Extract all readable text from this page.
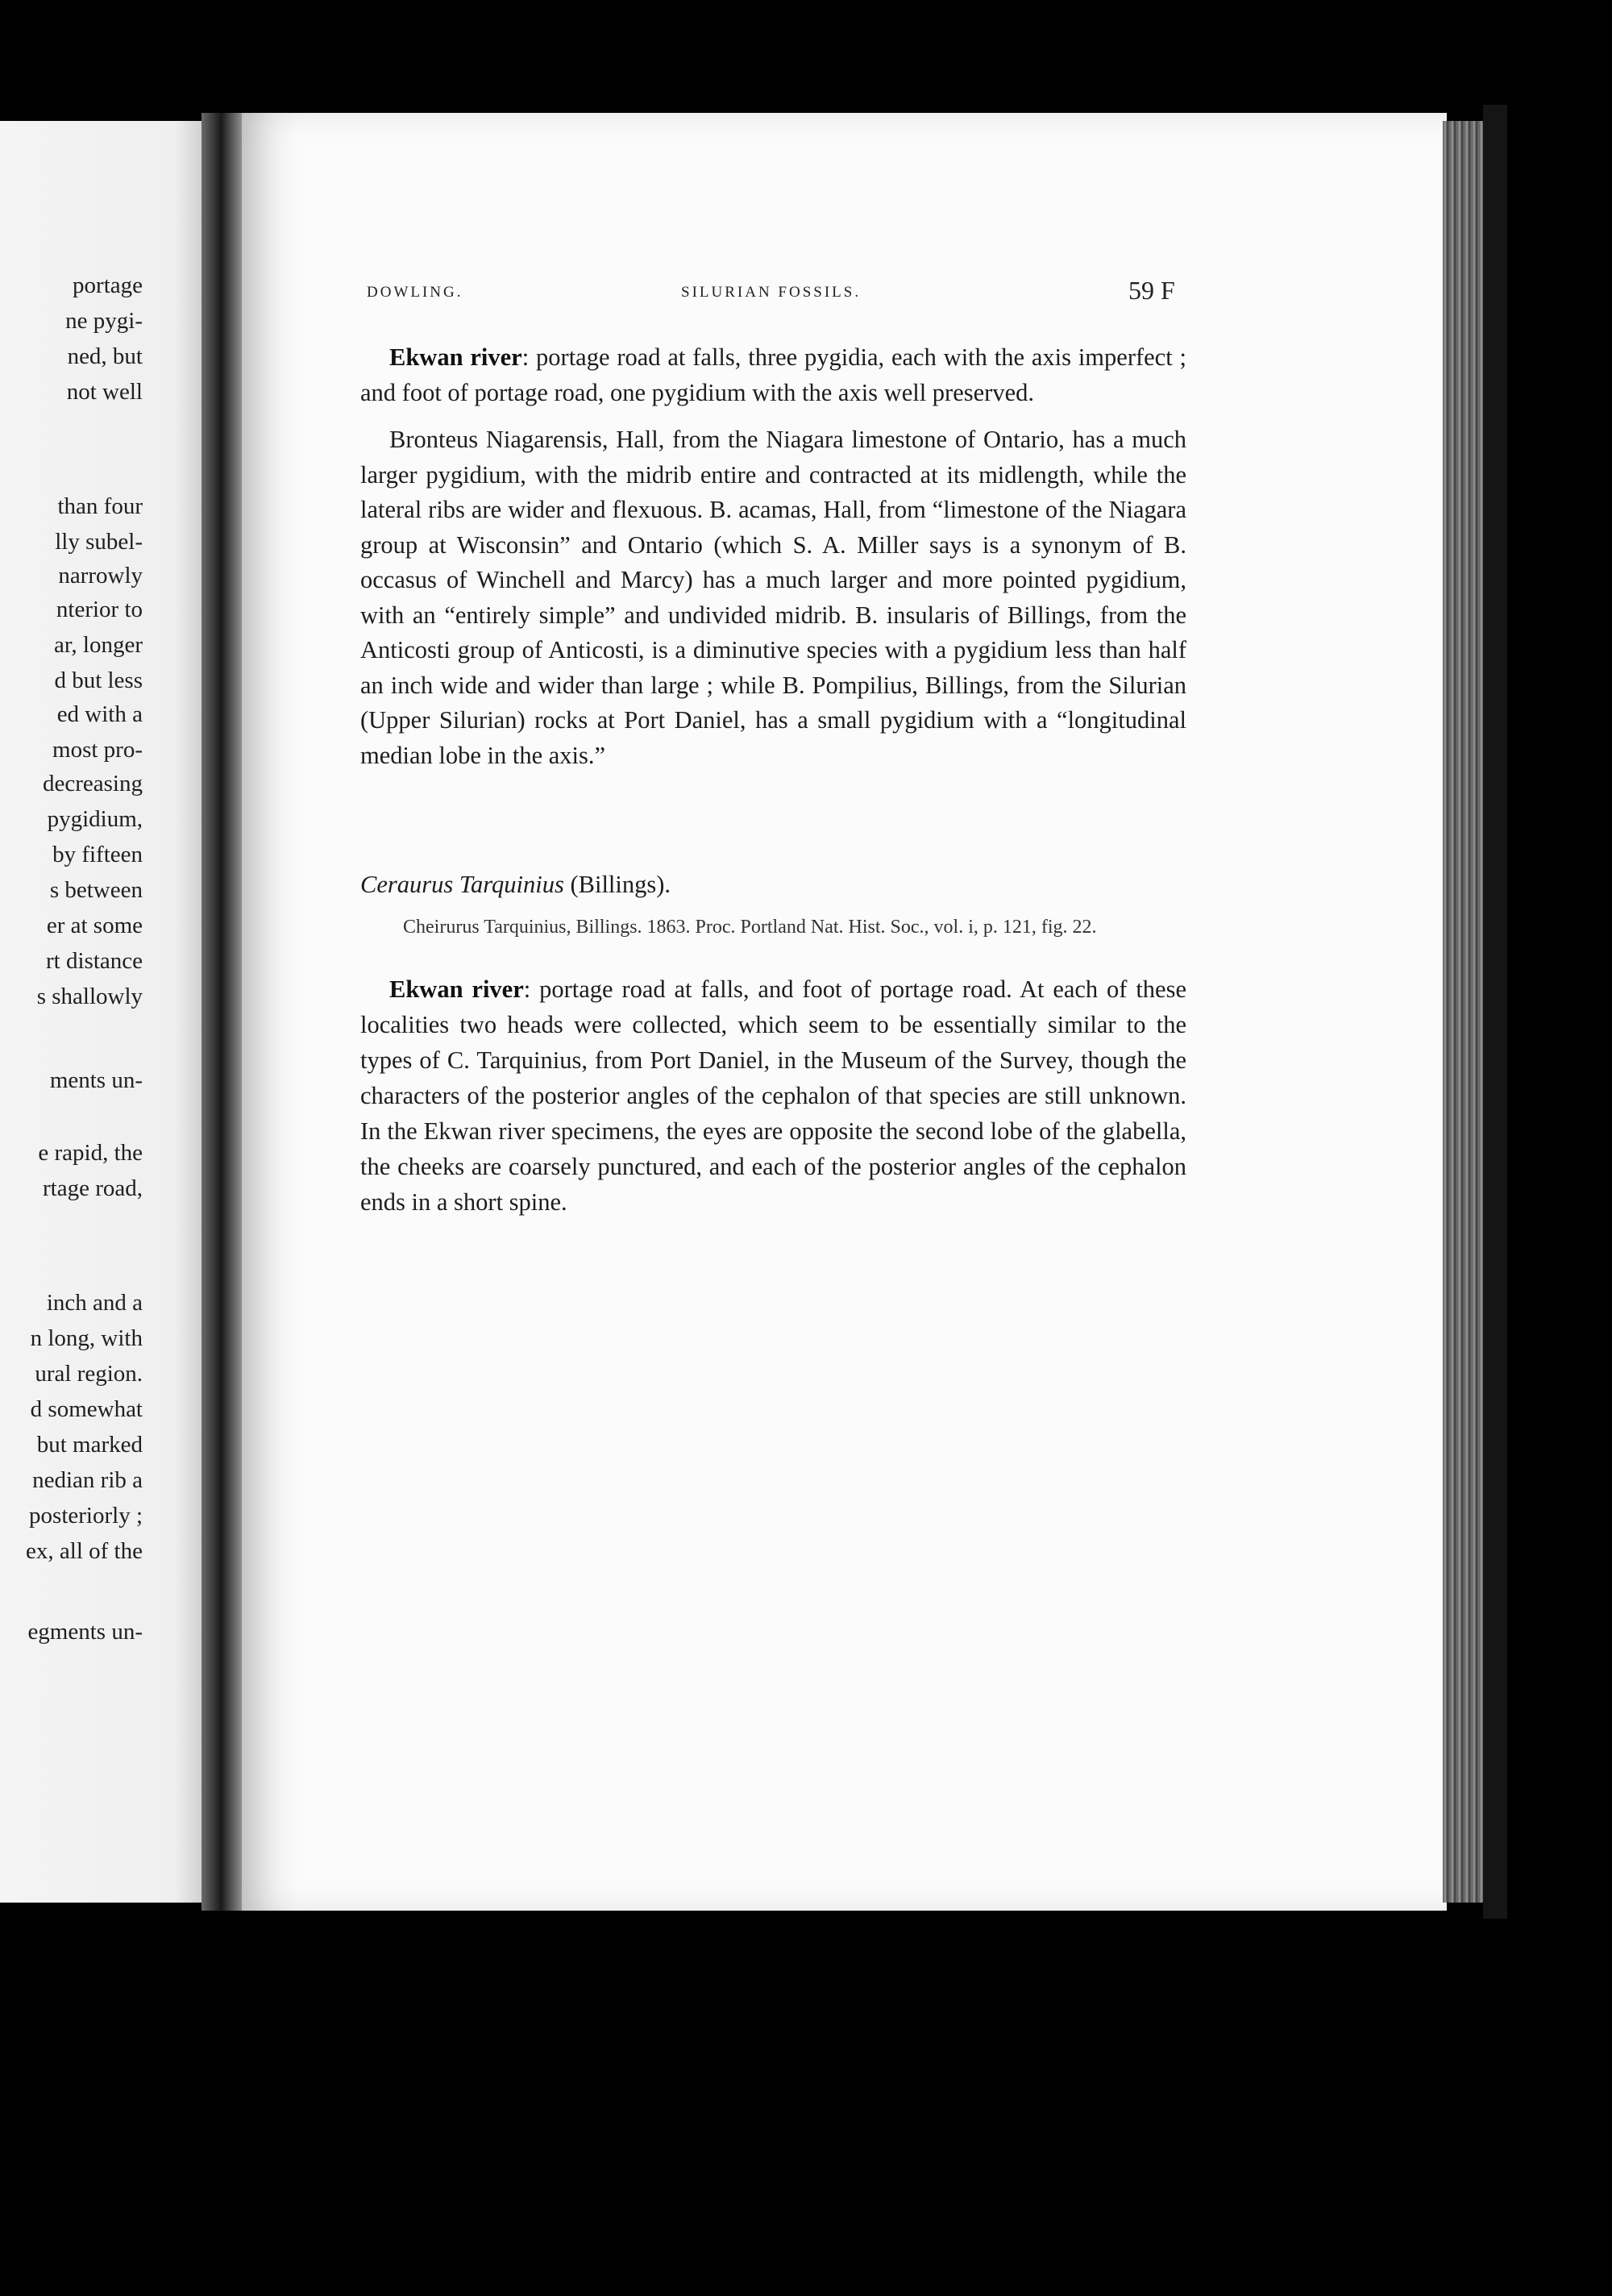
portage
ne pygi-
ned, but
not well
than four
lly subel-
narrowly
nterior to
ar, longer
d but less
ed with a
most pro-
decreasing
pygidium,
by fifteen
s between
er at some
rt distance
s shallowly
ments un-
e rapid, the
rtage road,
inch and a
n long, with
ural region.
d somewhat
but marked
nedian rib a
posteriorly ;
ex, all of the
egments un-
DOWLING.	SILURIAN FOSSILS.	59 F

Ekwan river: portage road at falls, three pygidia, each with the axis imperfect ; and foot of portage road, one pygidium with the axis well preserved.

Bronteus Niagarensis, Hall, from the Niagara limestone of Ontario, has a much larger pygidium, with the midrib entire and contracted at its midlength, while the lateral ribs are wider and flexuous. B. acamas, Hall, from “limestone of the Niagara group at Wisconsin” and Ontario (which S. A. Miller says is a synonym of B. occasus of Winchell and Marcy) has a much larger and more pointed pygidium, with an “entirely simple” and undivided midrib. B. insularis of Billings, from the Anticosti group of Anticosti, is a diminutive species with a pygidium less than half an inch wide and wider than large ; while B. Pompilius, Billings, from the Silurian (Upper Silurian) rocks at Port Daniel, has a small pygidium with a “longitudinal median lobe in the axis.”

Ceraurus Tarquinius (Billings).
Cheirurus Tarquinius, Billings. 1863. Proc. Portland Nat. Hist. Soc., vol. i, p. 121, fig. 22.

Ekwan river: portage road at falls, and foot of portage road. At each of these localities two heads were collected, which seem to be essentially similar to the types of C. Tarquinius, from Port Daniel, in the Museum of the Survey, though the characters of the posterior angles of the cephalon of that species are still unknown. In the Ekwan river specimens, the eyes are opposite the second lobe of the glabella, the cheeks are coarsely punctured, and each of the posterior angles of the cephalon ends in a short spine.
